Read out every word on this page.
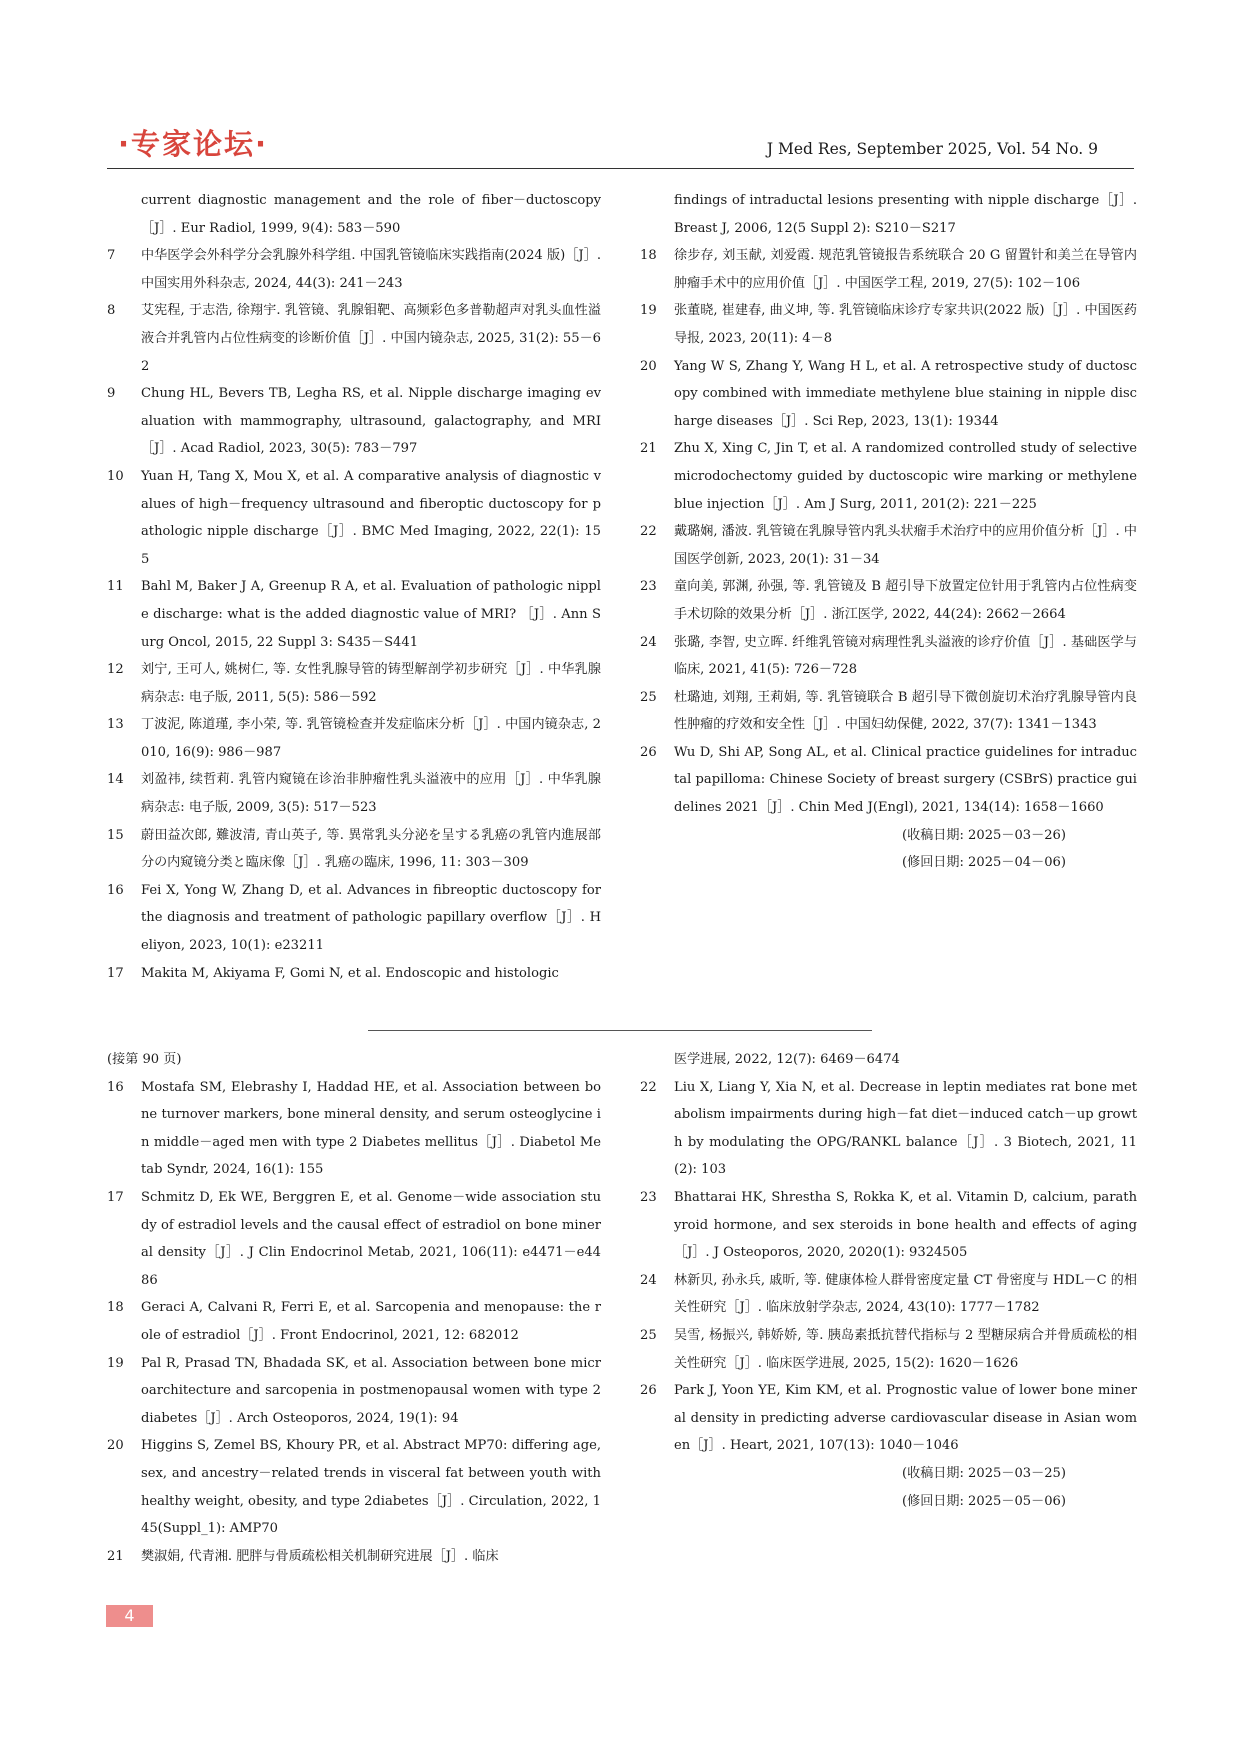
·专家论坛·	J Med Res, September 2025, Vol. 54 No. 9
current diagnostic management and the role of fiber－ductoscopy［J］. Eur Radiol, 1999, 9(4): 583－590
7	中华医学会外科学分会乳腺外科学组. 中国乳管镜临床实践指南(2024 版)［J］. 中国实用外科杂志, 2024, 44(3): 241－243
8	艾宪程, 于志浩, 徐翔宇. 乳管镜、乳腺钼靶、高频彩色多普勒超声对乳头血性溢液合并乳管内占位性病变的诊断价值［J］. 中国内镜杂志, 2025, 31(2): 55－62
9	Chung HL, Bevers TB, Legha RS, et al. Nipple discharge imaging evaluation with mammography, ultrasound, galactography, and MRI［J］. Acad Radiol, 2023, 30(5): 783－797
10	Yuan H, Tang X, Mou X, et al. A comparative analysis of diagnostic values of high－frequency ultrasound and fiberoptic ductoscopy for pathologic nipple discharge［J］. BMC Med Imaging, 2022, 22(1): 155
11	Bahl M, Baker J A, Greenup R A, et al. Evaluation of pathologic nipple discharge: what is the added diagnostic value of MRI? ［J］. Ann Surg Oncol, 2015, 22 Suppl 3: S435－S441
12	刘宁, 王可人, 姚树仁, 等. 女性乳腺导管的铸型解剖学初步研究［J］. 中华乳腺病杂志: 电子版, 2011, 5(5): 586－592
13	丁波泥, 陈道瑾, 李小荣, 等. 乳管镜检查并发症临床分析［J］. 中国内镜杂志, 2010, 16(9): 986－987
14	刘盈祎, 续哲莉. 乳管内窥镜在诊治非肿瘤性乳头溢液中的应用［J］. 中华乳腺病杂志: 电子版, 2009, 3(5): 517－523
15	蔚田益次郎, 難波清, 青山英子, 等. 異常乳头分泌を呈する乳癌の乳管内進展部分の内窥镜分类と臨床像［J］. 乳癌の臨床, 1996, 11: 303－309
16	Fei X, Yong W, Zhang D, et al. Advances in fibreoptic ductoscopy for the diagnosis and treatment of pathologic papillary overflow［J］. Heliyon, 2023, 10(1): e23211
17	Makita M, Akiyama F, Gomi N, et al. Endoscopic and histologic
findings of intraductal lesions presenting with nipple discharge［J］. Breast J, 2006, 12(5 Suppl 2): S210－S217
18	徐步存, 刘玉献, 刘爱霞. 规范乳管镜报告系统联合 20 G 留置针和美兰在导管内肿瘤手术中的应用价值［J］. 中国医学工程, 2019, 27(5): 102－106
19	张董晓, 崔建春, 曲义坤, 等. 乳管镜临床诊疗专家共识(2022 版)［J］. 中国医药导报, 2023, 20(11): 4－8
20	Yang W S, Zhang Y, Wang H L, et al. A retrospective study of ductoscopy combined with immediate methylene blue staining in nipple discharge diseases［J］. Sci Rep, 2023, 13(1): 19344
21	Zhu X, Xing C, Jin T, et al. A randomized controlled study of selective microdochectomy guided by ductoscopic wire marking or methylene blue injection［J］. Am J Surg, 2011, 201(2): 221－225
22	戴璐娴, 潘波. 乳管镜在乳腺导管内乳头状瘤手术治疗中的应用价值分析［J］. 中国医学创新, 2023, 20(1): 31－34
23	童向美, 郭渊, 孙强, 等. 乳管镜及 B 超引导下放置定位针用于乳管内占位性病变手术切除的效果分析［J］. 浙江医学, 2022, 44(24): 2662－2664
24	张璐, 李智, 史立晖. 纤维乳管镜对病理性乳头溢液的诊疗价值［J］. 基础医学与临床, 2021, 41(5): 726－728
25	杜璐迪, 刘翔, 王莉娟, 等. 乳管镜联合 B 超引导下微创旋切术治疗乳腺导管内良性肿瘤的疗效和安全性［J］. 中国妇幼保健, 2022, 37(7): 1341－1343
26	Wu D, Shi AP, Song AL, et al. Clinical practice guidelines for intraductal papilloma: Chinese Society of breast surgery (CSBrS) practice guidelines 2021［J］. Chin Med J(Engl), 2021, 134(14): 1658－1660
(收稿日期: 2025－03－26)
(修回日期: 2025－04－06)
(接第 90 页)
16	Mostafa SM, Elebrashy I, Haddad HE, et al. Association between bone turnover markers, bone mineral density, and serum osteoglycine in middle－aged men with type 2 Diabetes mellitus［J］. Diabetol Metab Syndr, 2024, 16(1): 155
17	Schmitz D, Ek WE, Berggren E, et al. Genome－wide association study of estradiol levels and the causal effect of estradiol on bone mineral density［J］. J Clin Endocrinol Metab, 2021, 106(11): e4471－e4486
18	Geraci A, Calvani R, Ferri E, et al. Sarcopenia and menopause: the role of estradiol［J］. Front Endocrinol, 2021, 12: 682012
19	Pal R, Prasad TN, Bhadada SK, et al. Association between bone microarchitecture and sarcopenia in postmenopausal women with type 2diabetes［J］. Arch Osteoporos, 2024, 19(1): 94
20	Higgins S, Zemel BS, Khoury PR, et al. Abstract MP70: differing age, sex, and ancestry－related trends in visceral fat between youth with healthy weight, obesity, and type 2diabetes［J］. Circulation, 2022, 145(Suppl_1): AMP70
21	樊淑娟, 代青湘. 肥胖与骨质疏松相关机制研究进展［J］. 临床
医学进展, 2022, 12(7): 6469－6474
22	Liu X, Liang Y, Xia N, et al. Decrease in leptin mediates rat bone metabolism impairments during high－fat diet－induced catch－up growth by modulating the OPG/RANKL balance［J］. 3 Biotech, 2021, 11(2): 103
23	Bhattarai HK, Shrestha S, Rokka K, et al. Vitamin D, calcium, parathyroid hormone, and sex steroids in bone health and effects of aging［J］. J Osteoporos, 2020, 2020(1): 9324505
24	林新贝, 孙永兵, 戚昕, 等. 健康体检人群骨密度定量 CT 骨密度与 HDL－C 的相关性研究［J］. 临床放射学杂志, 2024, 43(10): 1777－1782
25	吴雪, 杨振兴, 韩娇娇, 等. 胰岛素抵抗替代指标与 2 型糖尿病合并骨质疏松的相关性研究［J］. 临床医学进展, 2025, 15(2): 1620－1626
26	Park J, Yoon YE, Kim KM, et al. Prognostic value of lower bone mineral density in predicting adverse cardiovascular disease in Asian women［J］. Heart, 2021, 107(13): 1040－1046
(收稿日期: 2025－03－25)
(修回日期: 2025－05－06)
4
